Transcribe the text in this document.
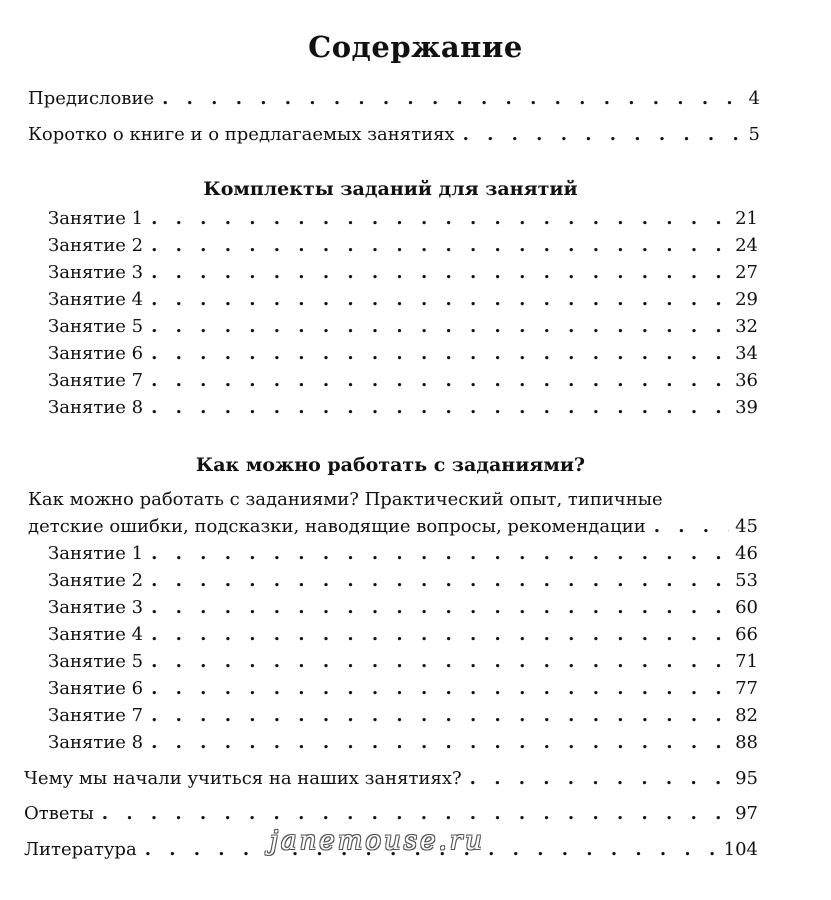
Содержание
Предисловие . . .	4
Коротко о книге и о предлагаемых занятиях . . .	5
Комплекты заданий для занятий
Занятие 1 . . .	21
Занятие 2 . . .	24
Занятие 3 . . .	27
Занятие 4 . . .	29
Занятие 5 . . .	32
Занятие 6 . . .	34
Занятие 7 . . .	36
Занятие 8 . . .	39
Как можно работать с заданиями?
Как можно работать с заданиями? Практический опыт, типичные
детские ошибки, подсказки, наводящие вопросы, рекомендации . . .	45
Занятие 1 . . .	46
Занятие 2 . . .	53
Занятие 3 . . .	60
Занятие 4 . . .	66
Занятие 5 . . .	71
Занятие 6 . . .	77
Занятие 7 . . .	82
Занятие 8 . . .	88
Чему мы начали учиться на наших занятиях? . . .	95
Ответы . . .	97
Литература . . .	104
janemouse.ru
